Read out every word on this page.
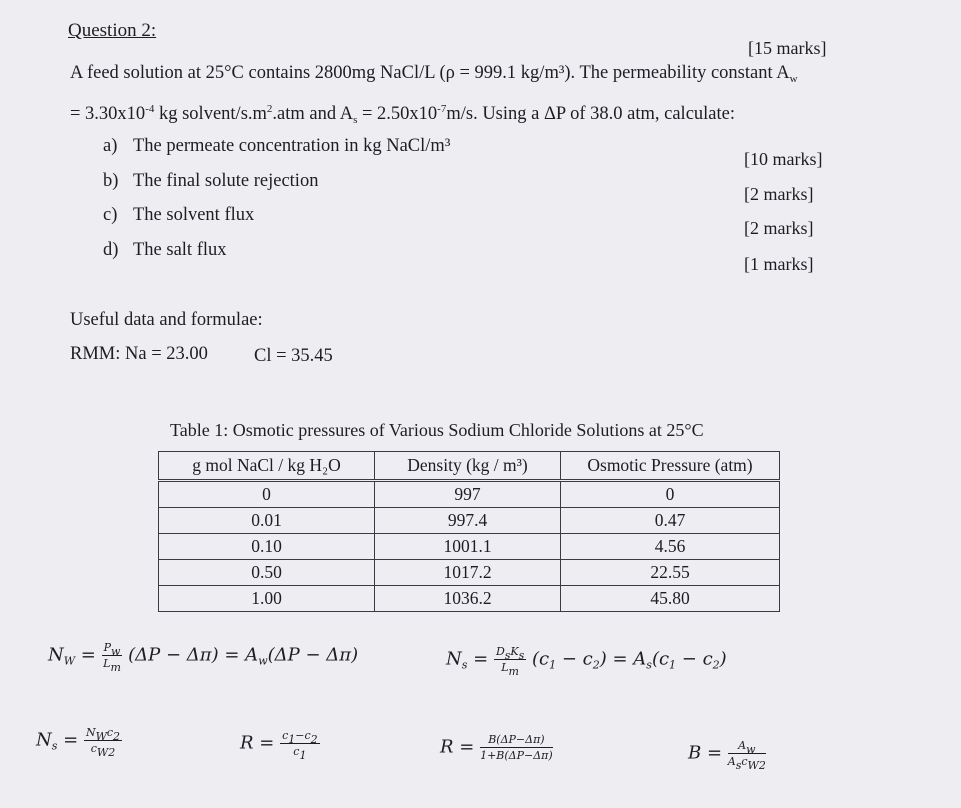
Question 2:
[15 marks]
A feed solution at 25°C contains 2800mg NaCl/L (ρ = 999.1 kg/m³). The permeability constant $A_w$
= $3.30x10^{-4}$ kg solvent/$s.m^2.atm$ and $A_s = 2.50x10^{-7}m/s$. Using a ΔP of 38.0 atm, calculate:
a) The permeate concentration in kg NaCl/m³
[10 marks]
b) The final solute rejection
[2 marks]
c) The solvent flux
[2 marks]
d) The salt flux
[1 marks]
Useful data and formulae:
RMM: Na = 23.00 Cl = 35.45
Table 1: Osmotic pressures of Various Sodium Chloride Solutions at 25°C
g mol NaCl / kg H₂O	Density (kg / m³)	Osmotic Pressure (atm)
0	997	0
0.01	997.4	0.47
0.10	1001.1	4.56
0.50	1017.2	22.55
1.00	1036.2	45.80
$N_W = \frac{P_w}{L_m} (\Delta P - \Delta\pi) = A_w(\Delta P - \Delta\pi)$	$N_s = \frac{D_sK_s}{L_m} (c_1 - c_2) = A_s(c_1 - c_2)$
$N_s = \frac{N_Wc_2}{c_{W2}}$	$R = \frac{c_1-c_2}{c_1}$	$R = \frac{B(\Delta P-\Delta\pi)}{1+B(\Delta P-\Delta\pi)}$	$B = \frac{A_w}{A_sc_{W2}}$
